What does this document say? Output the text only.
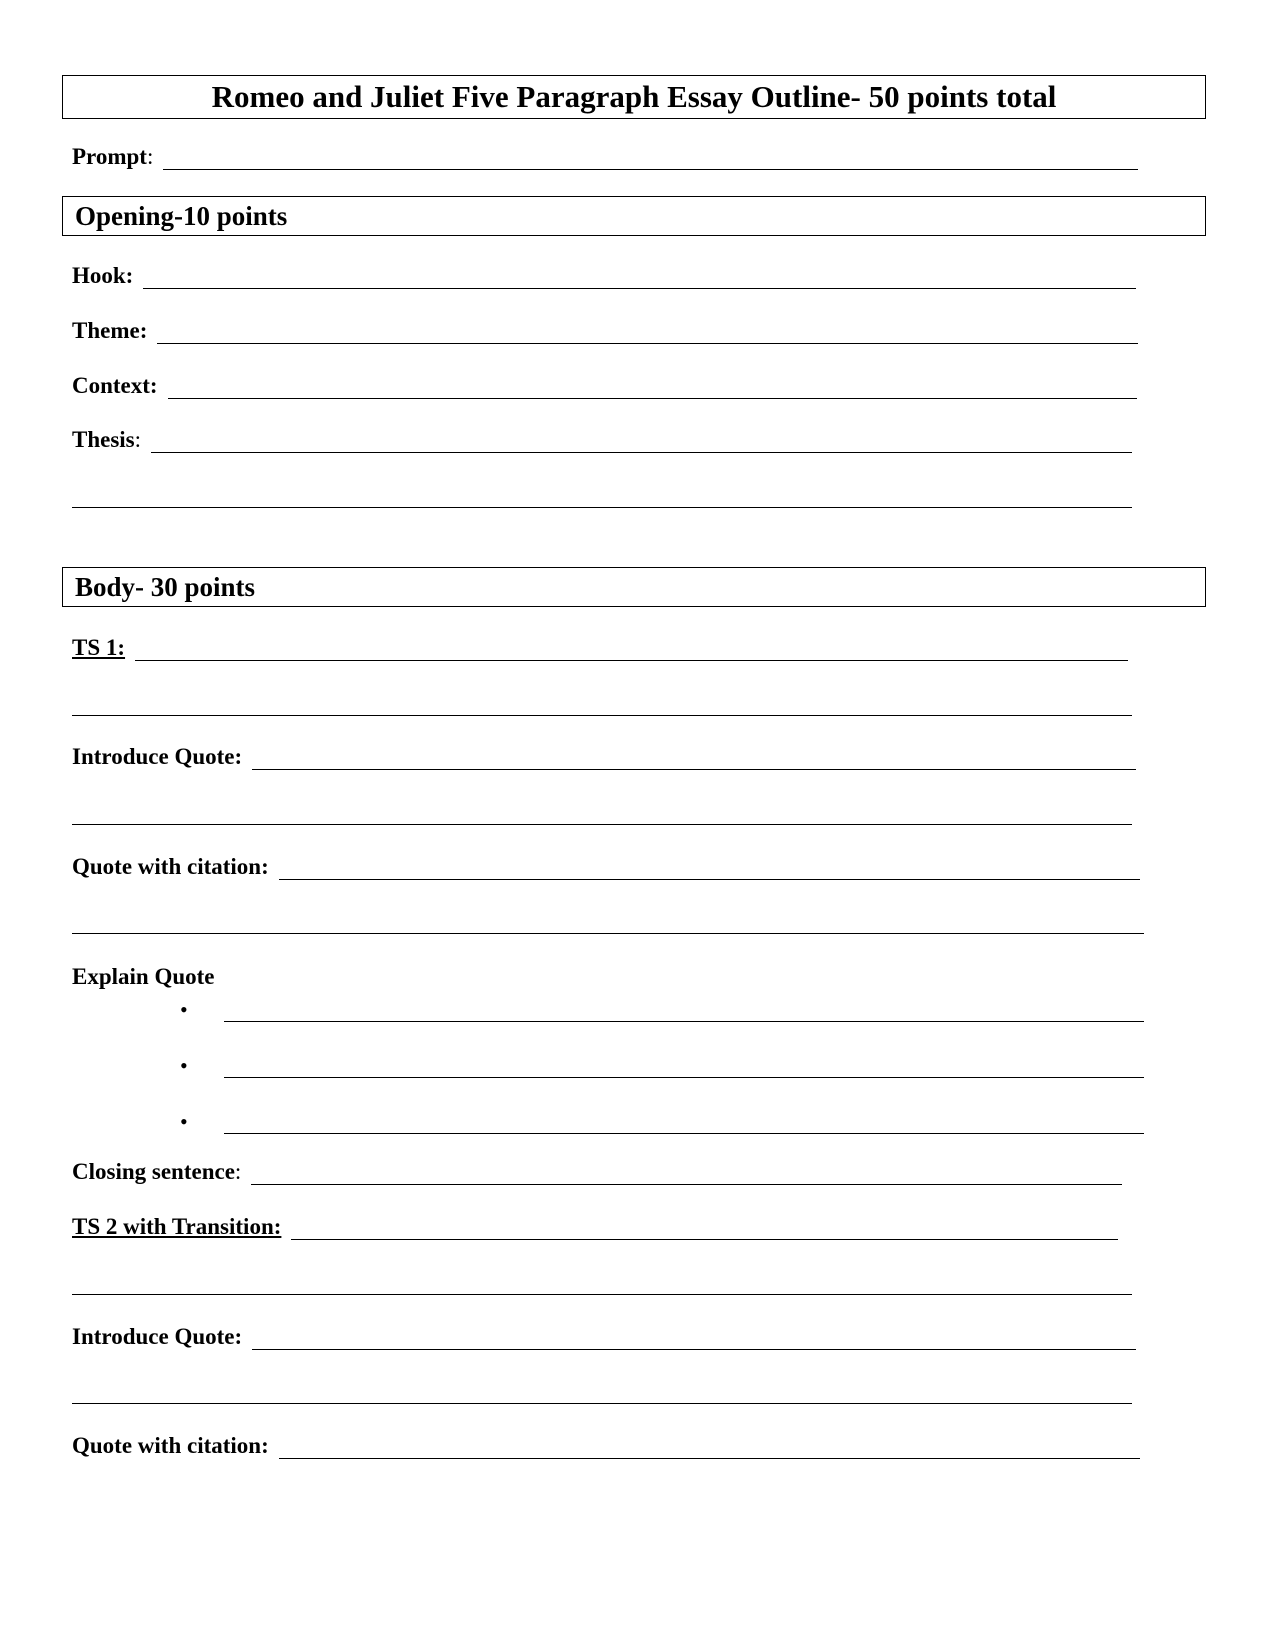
Romeo and Juliet Five Paragraph Essay Outline- 50 points total
Prompt:
Opening-10 points
Hook:
Theme:
Context:
Thesis:
Body- 30 points
TS 1:
Introduce Quote:
Quote with citation:
Explain Quote
•
•
•
Closing sentence:
TS 2 with Transition:
Introduce Quote:
Quote with citation:
